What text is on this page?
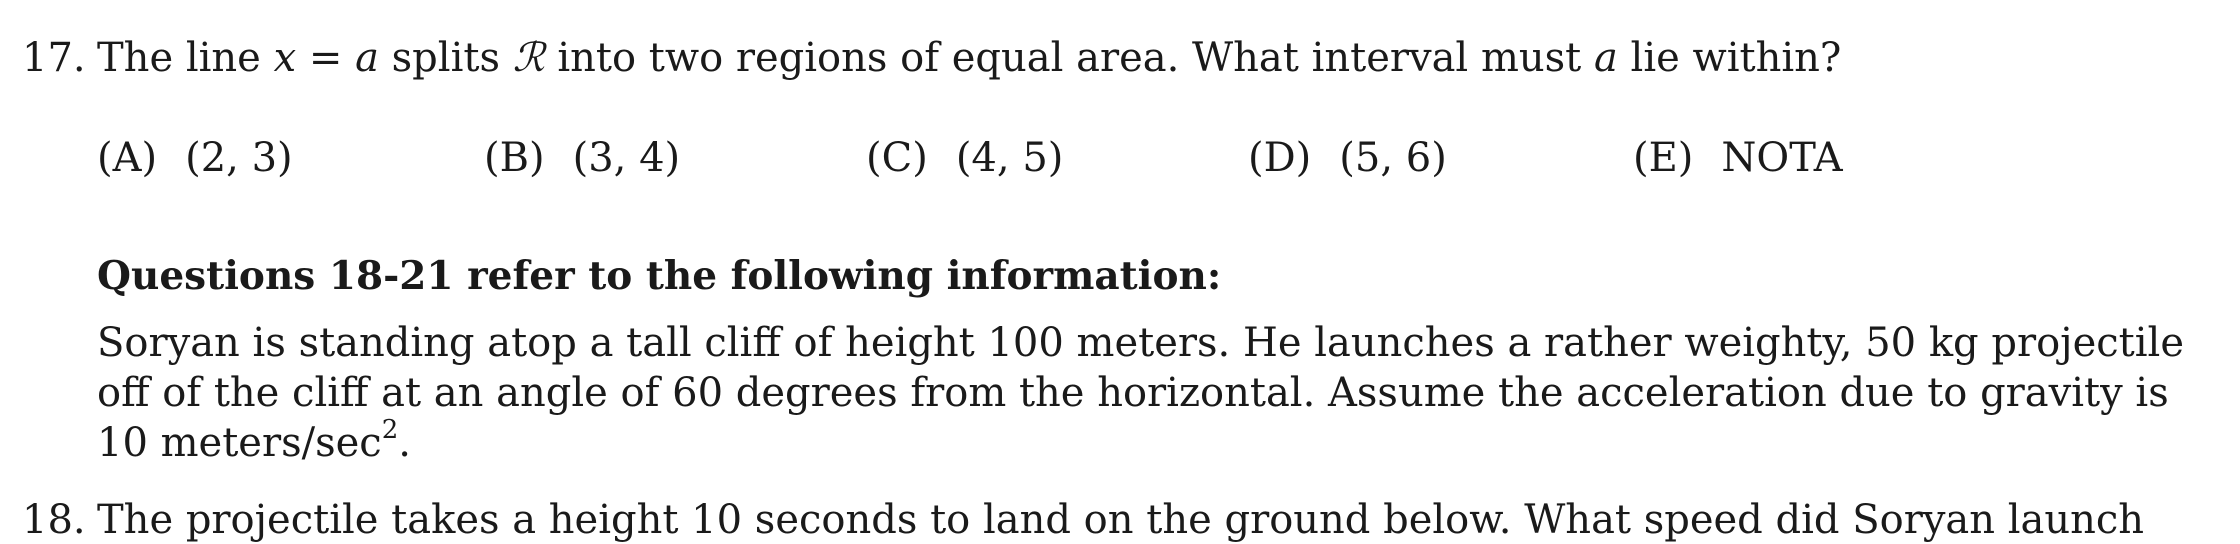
17. The line x = a splits ℛ into two regions of equal area. What interval must a lie within?
(A) (2, 3)	(B) (3, 4)	(C) (4, 5)	(D) (5, 6)	(E) NOTA
Questions 18-21 refer to the following information:
Soryan is standing atop a tall cliff of height 100 meters. He launches a rather weighty, 50 kg projectile
off of the cliff at an angle of 60 degrees from the horizontal. Assume the acceleration due to gravity is
10 meters/$\sec^2$.
18. The projectile takes a height 10 seconds to land on the ground below. What speed did Soryan launch
